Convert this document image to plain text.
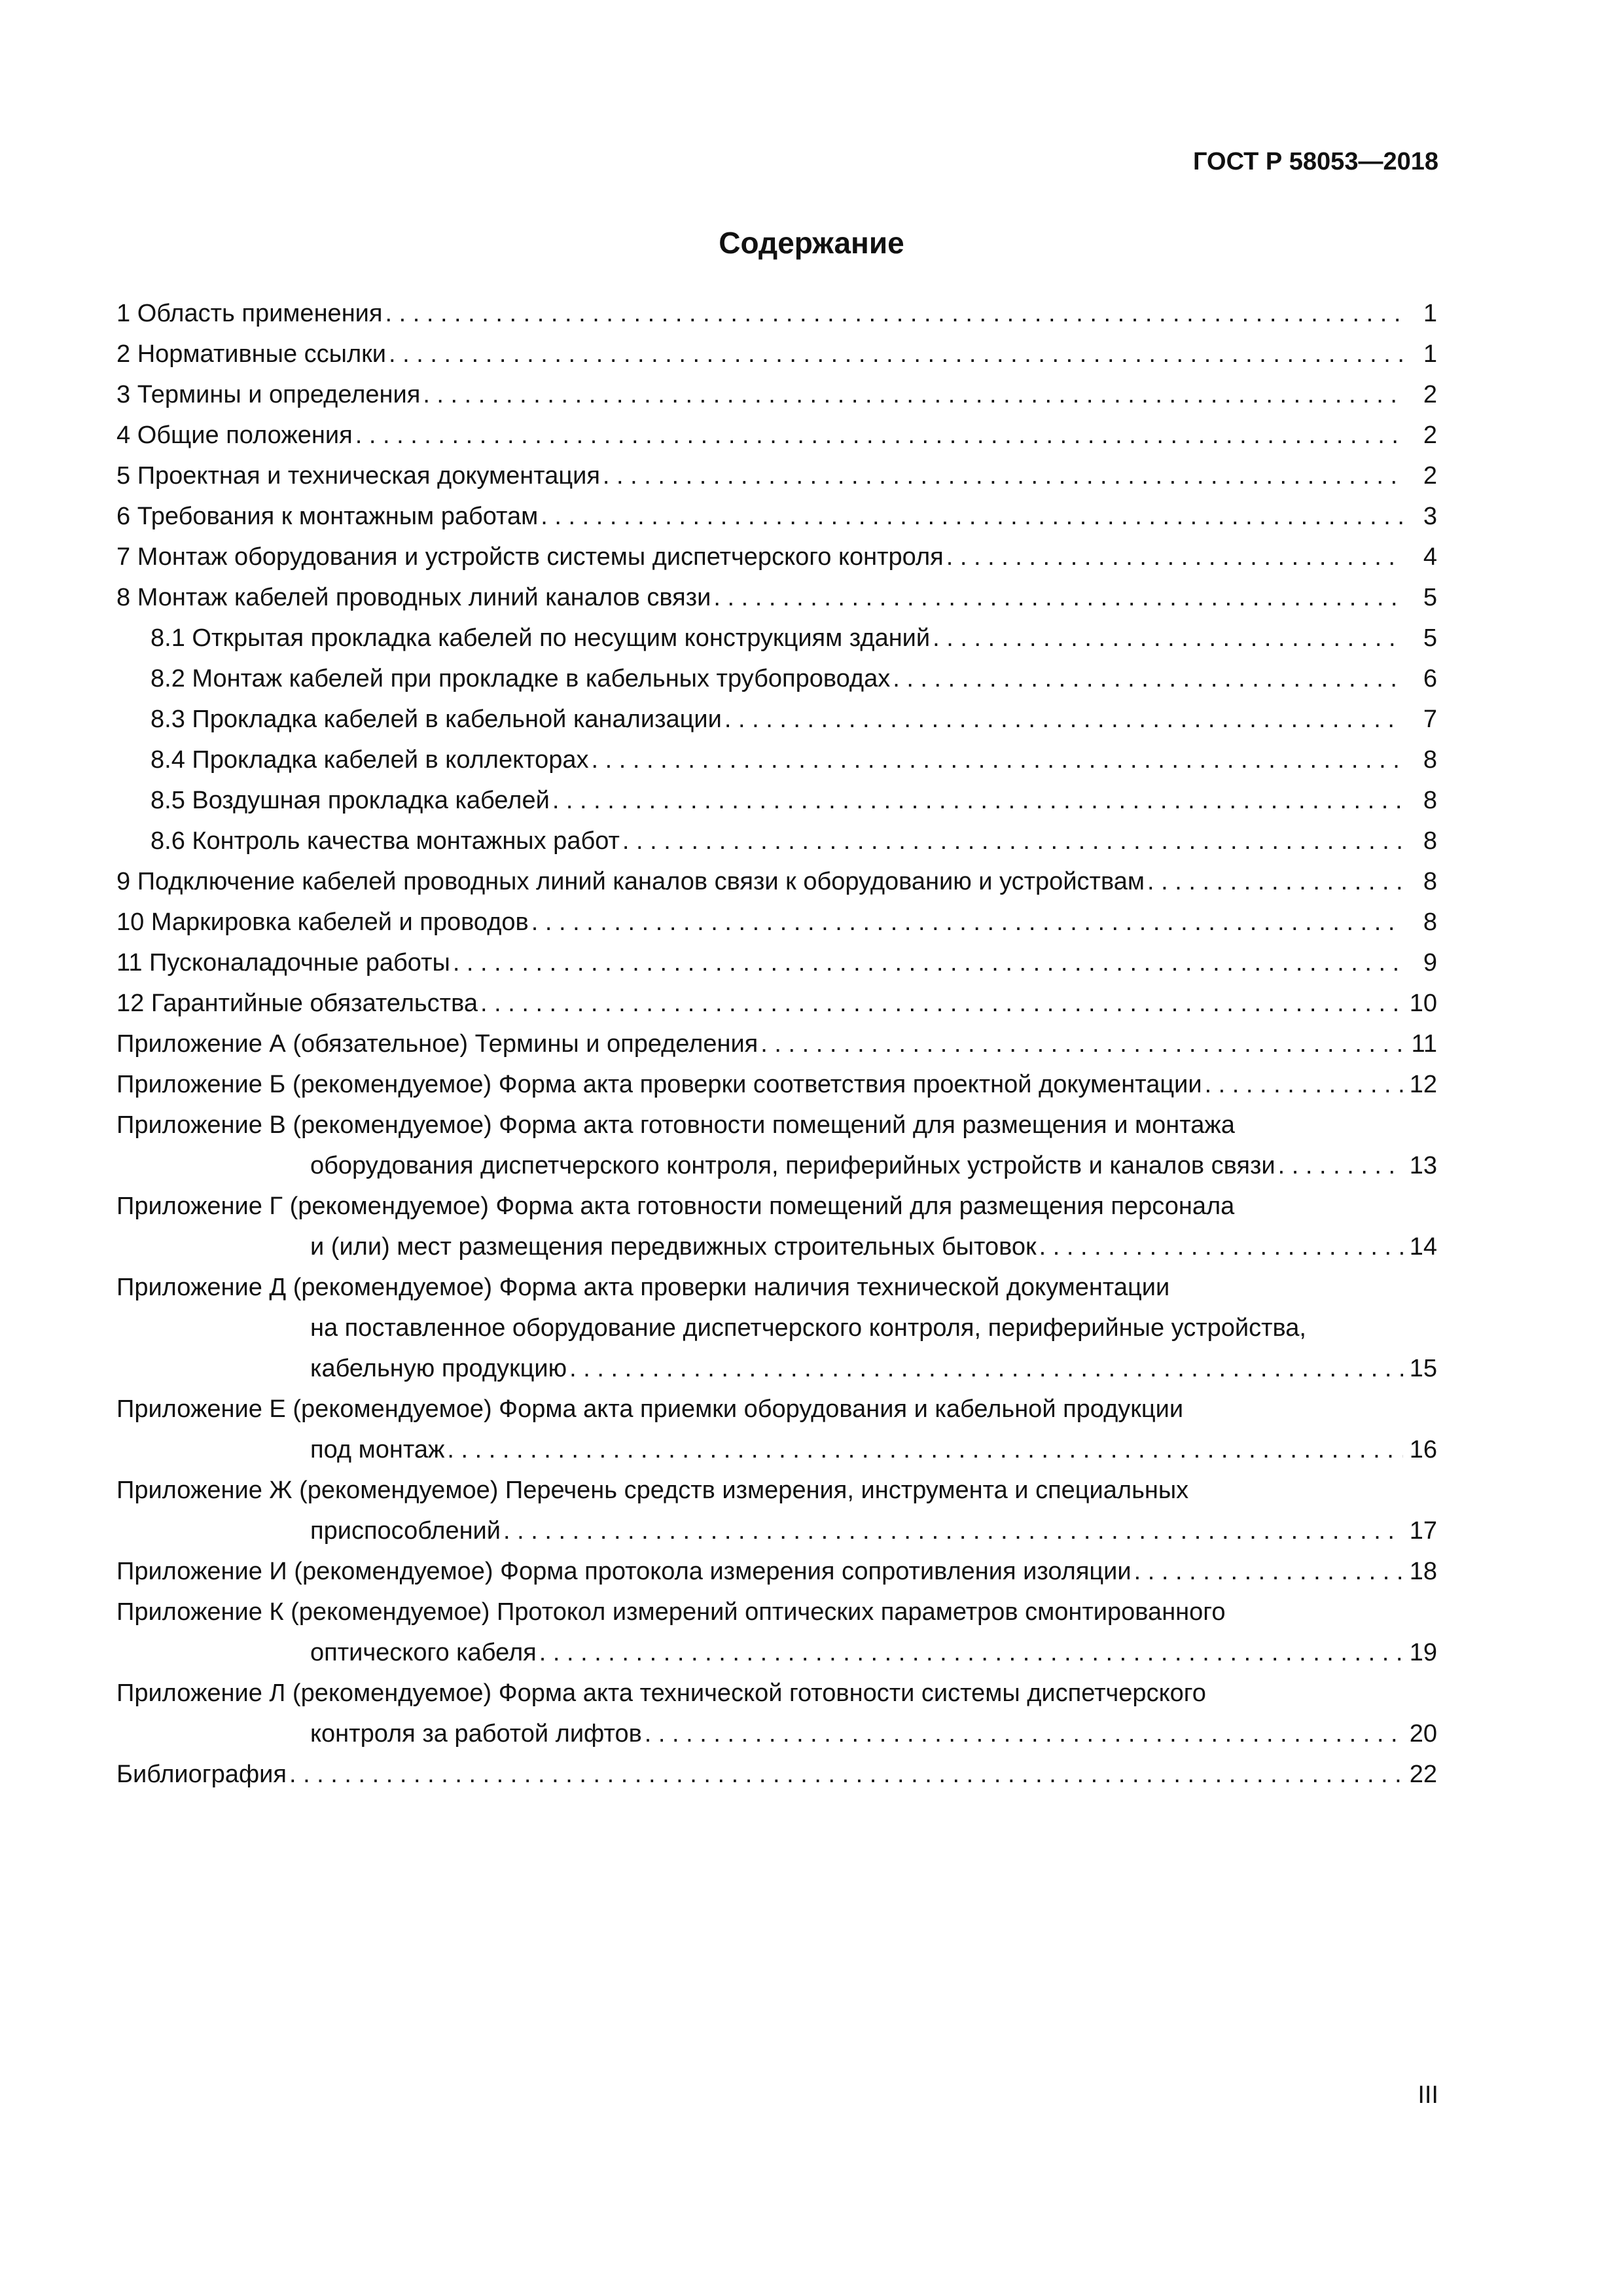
ГОСТ Р 58053—2018
Содержание
1 Область применения . . .	1
2 Нормативные ссылки . . .	1
3 Термины и определения . . .	2
4 Общие положения . . .	2
5 Проектная и техническая документация . . .	2
6 Требования к монтажным работам . . .	3
7 Монтаж оборудования и устройств системы диспетчерского контроля . . .	4
8 Монтаж кабелей проводных линий каналов связи . . .	5
8.1 Открытая прокладка кабелей по несущим конструкциям зданий . . .	5
8.2 Монтаж кабелей при прокладке в кабельных трубопроводах . . .	6
8.3 Прокладка кабелей в кабельной канализации . . .	7
8.4 Прокладка кабелей в коллекторах . . .	8
8.5 Воздушная прокладка кабелей . . .	8
8.6 Контроль качества монтажных работ . . .	8
9 Подключение кабелей проводных линий каналов связи к оборудованию и устройствам . . .	8
10 Маркировка кабелей и проводов . . .	8
11 Пусконаладочные работы . . .	9
12 Гарантийные обязательства . . .	10
Приложение А (обязательное) Термины и определения . . .	11
Приложение Б (рекомендуемое) Форма акта проверки соответствия проектной документации . . .	12
Приложение В (рекомендуемое) Форма акта готовности помещений для размещения и монтажа
оборудования диспетчерского контроля, периферийных устройств и каналов связи . . .	13
Приложение Г (рекомендуемое) Форма акта готовности помещений для размещения персонала
и (или) мест размещения передвижных строительных бытовок . . .	14
Приложение Д (рекомендуемое) Форма акта проверки наличия технической документации
на поставленное оборудование диспетчерского контроля, периферийные устройства,
кабельную продукцию . . .	15
Приложение Е (рекомендуемое) Форма акта приемки оборудования и кабельной продукции
под монтаж . . .	16
Приложение Ж (рекомендуемое) Перечень средств измерения, инструмента и специальных
приспособлений . . .	17
Приложение И (рекомендуемое) Форма протокола измерения сопротивления изоляции . . .	18
Приложение К (рекомендуемое) Протокол измерений оптических параметров смонтированного
оптического кабеля . . .	19
Приложение Л (рекомендуемое) Форма акта технической готовности системы диспетчерского
контроля за работой лифтов . . .	20
Библиография . . .	22
III
